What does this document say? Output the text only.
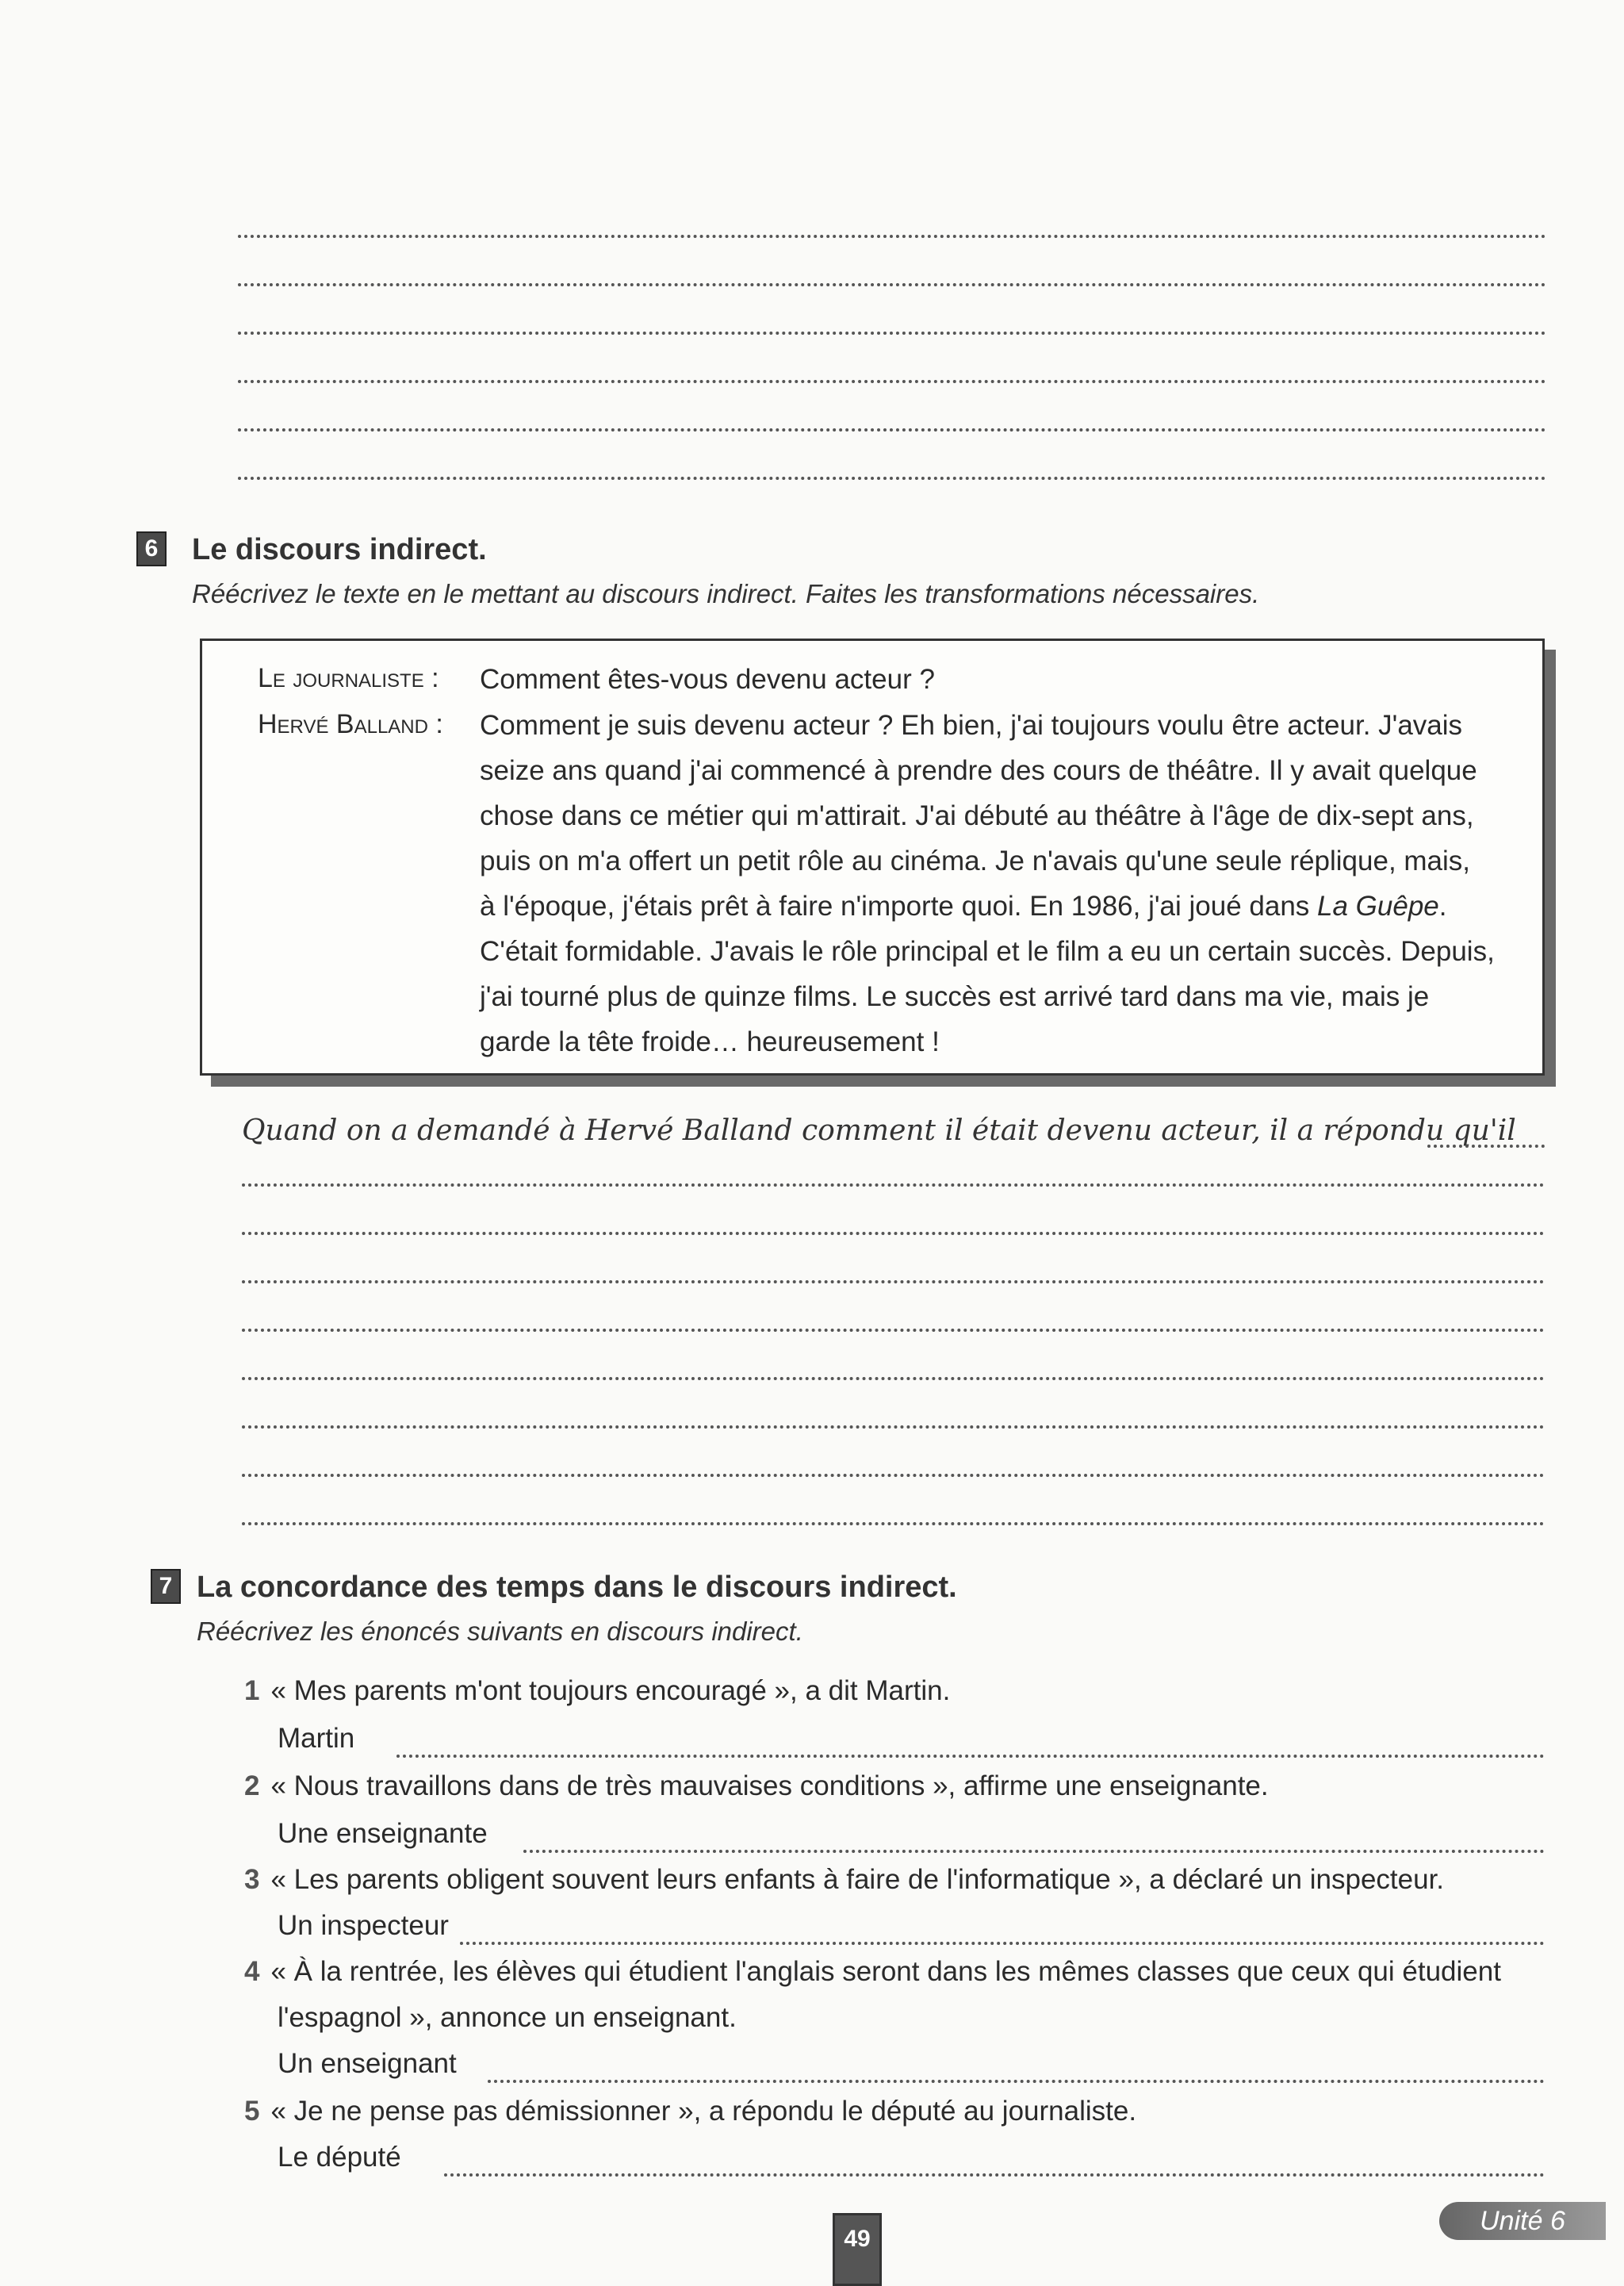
6 Le discours indirect.
Réécrivez le texte en le mettant au discours indirect. Faites les transformations nécessaires.
Le journaliste : Comment êtes-vous devenu acteur ?
Hervé Balland : Comment je suis devenu acteur ? Eh bien, j'ai toujours voulu être acteur. J'avais
seize ans quand j'ai commencé à prendre des cours de théâtre. Il y avait quelque
chose dans ce métier qui m'attirait. J'ai débuté au théâtre à l'âge de dix-sept ans,
puis on m'a offert un petit rôle au cinéma. Je n'avais qu'une seule réplique, mais,
à l'époque, j'étais prêt à faire n'importe quoi. En 1986, j'ai joué dans La Guêpe.
C'était formidable. J'avais le rôle principal et le film a eu un certain succès. Depuis,
j'ai tourné plus de quinze films. Le succès est arrivé tard dans ma vie, mais je
garde la tête froide… heureusement !
Quand on a demandé à Hervé Balland comment il était devenu acteur, il a répondu qu'il
7 La concordance des temps dans le discours indirect.
Réécrivez les énoncés suivants en discours indirect.
1 « Mes parents m'ont toujours encouragé », a dit Martin.
Martin
2 « Nous travaillons dans de très mauvaises conditions », affirme une enseignante.
Une enseignante
3 « Les parents obligent souvent leurs enfants à faire de l'informatique », a déclaré un inspecteur.
Un inspecteur
4 « À la rentrée, les élèves qui étudient l'anglais seront dans les mêmes classes que ceux qui étudient
l'espagnol », annonce un enseignant.
Un enseignant
5 « Je ne pense pas démissionner », a répondu le député au journaliste.
Le député
49
Unité 6
